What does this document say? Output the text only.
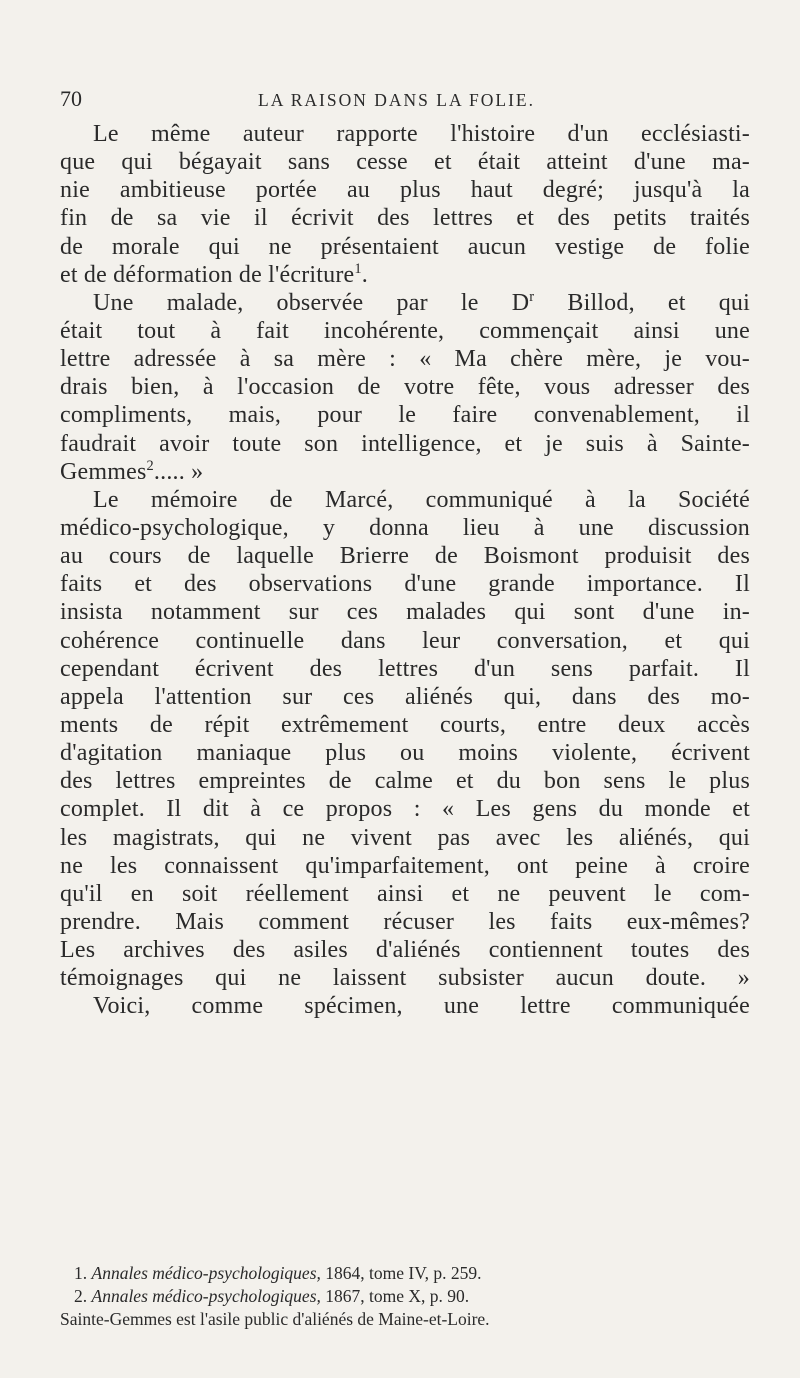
70	LA RAISON DANS LA FOLIE.
Le même auteur rapporte l'histoire d'un ecclésiasti-
que qui bégayait sans cesse et était atteint d'une ma-
nie ambitieuse portée au plus haut degré; jusqu'à la
fin de sa vie il écrivit des lettres et des petits traités
de morale qui ne présentaient aucun vestige de folie
et de déformation de l'écriture$^1$.
Une malade, observée par le $D^r$ Billod, et qui
était tout à fait incohérente, commençait ainsi une
lettre adressée à sa mère : « Ma chère mère, je vou-
drais bien, à l'occasion de votre fête, vous adresser des
compliments, mais, pour le faire convenablement, il
faudrait avoir toute son intelligence, et je suis à Sainte-
Gemmes$^2$..... »
Le mémoire de Marcé, communiqué à la Société
médico-psychologique, y donna lieu à une discussion
au cours de laquelle Brierre de Boismont produisit des
faits et des observations d'une grande importance. Il
insista notamment sur ces malades qui sont d'une in-
cohérence continuelle dans leur conversation, et qui
cependant écrivent des lettres d'un sens parfait. Il
appela l'attention sur ces aliénés qui, dans des mo-
ments de répit extrêmement courts, entre deux accès
d'agitation maniaque plus ou moins violente, écrivent
des lettres empreintes de calme et du bon sens le plus
complet. Il dit à ce propos : « Les gens du monde et
les magistrats, qui ne vivent pas avec les aliénés, qui
ne les connaissent qu'imparfaitement, ont peine à croire
qu'il en soit réellement ainsi et ne peuvent le com-
prendre. Mais comment récuser les faits eux-mêmes?
Les archives des asiles d'aliénés contiennent toutes des
témoignages qui ne laissent subsister aucun doute. »
Voici, comme spécimen, une lettre communiquée
1. Annales médico-psychologiques, 1864, tome IV, p. 259.
2. Annales médico-psychologiques, 1867, tome X, p. 90.
Sainte-Gemmes est l'asile public d'aliénés de Maine-et-Loire.
